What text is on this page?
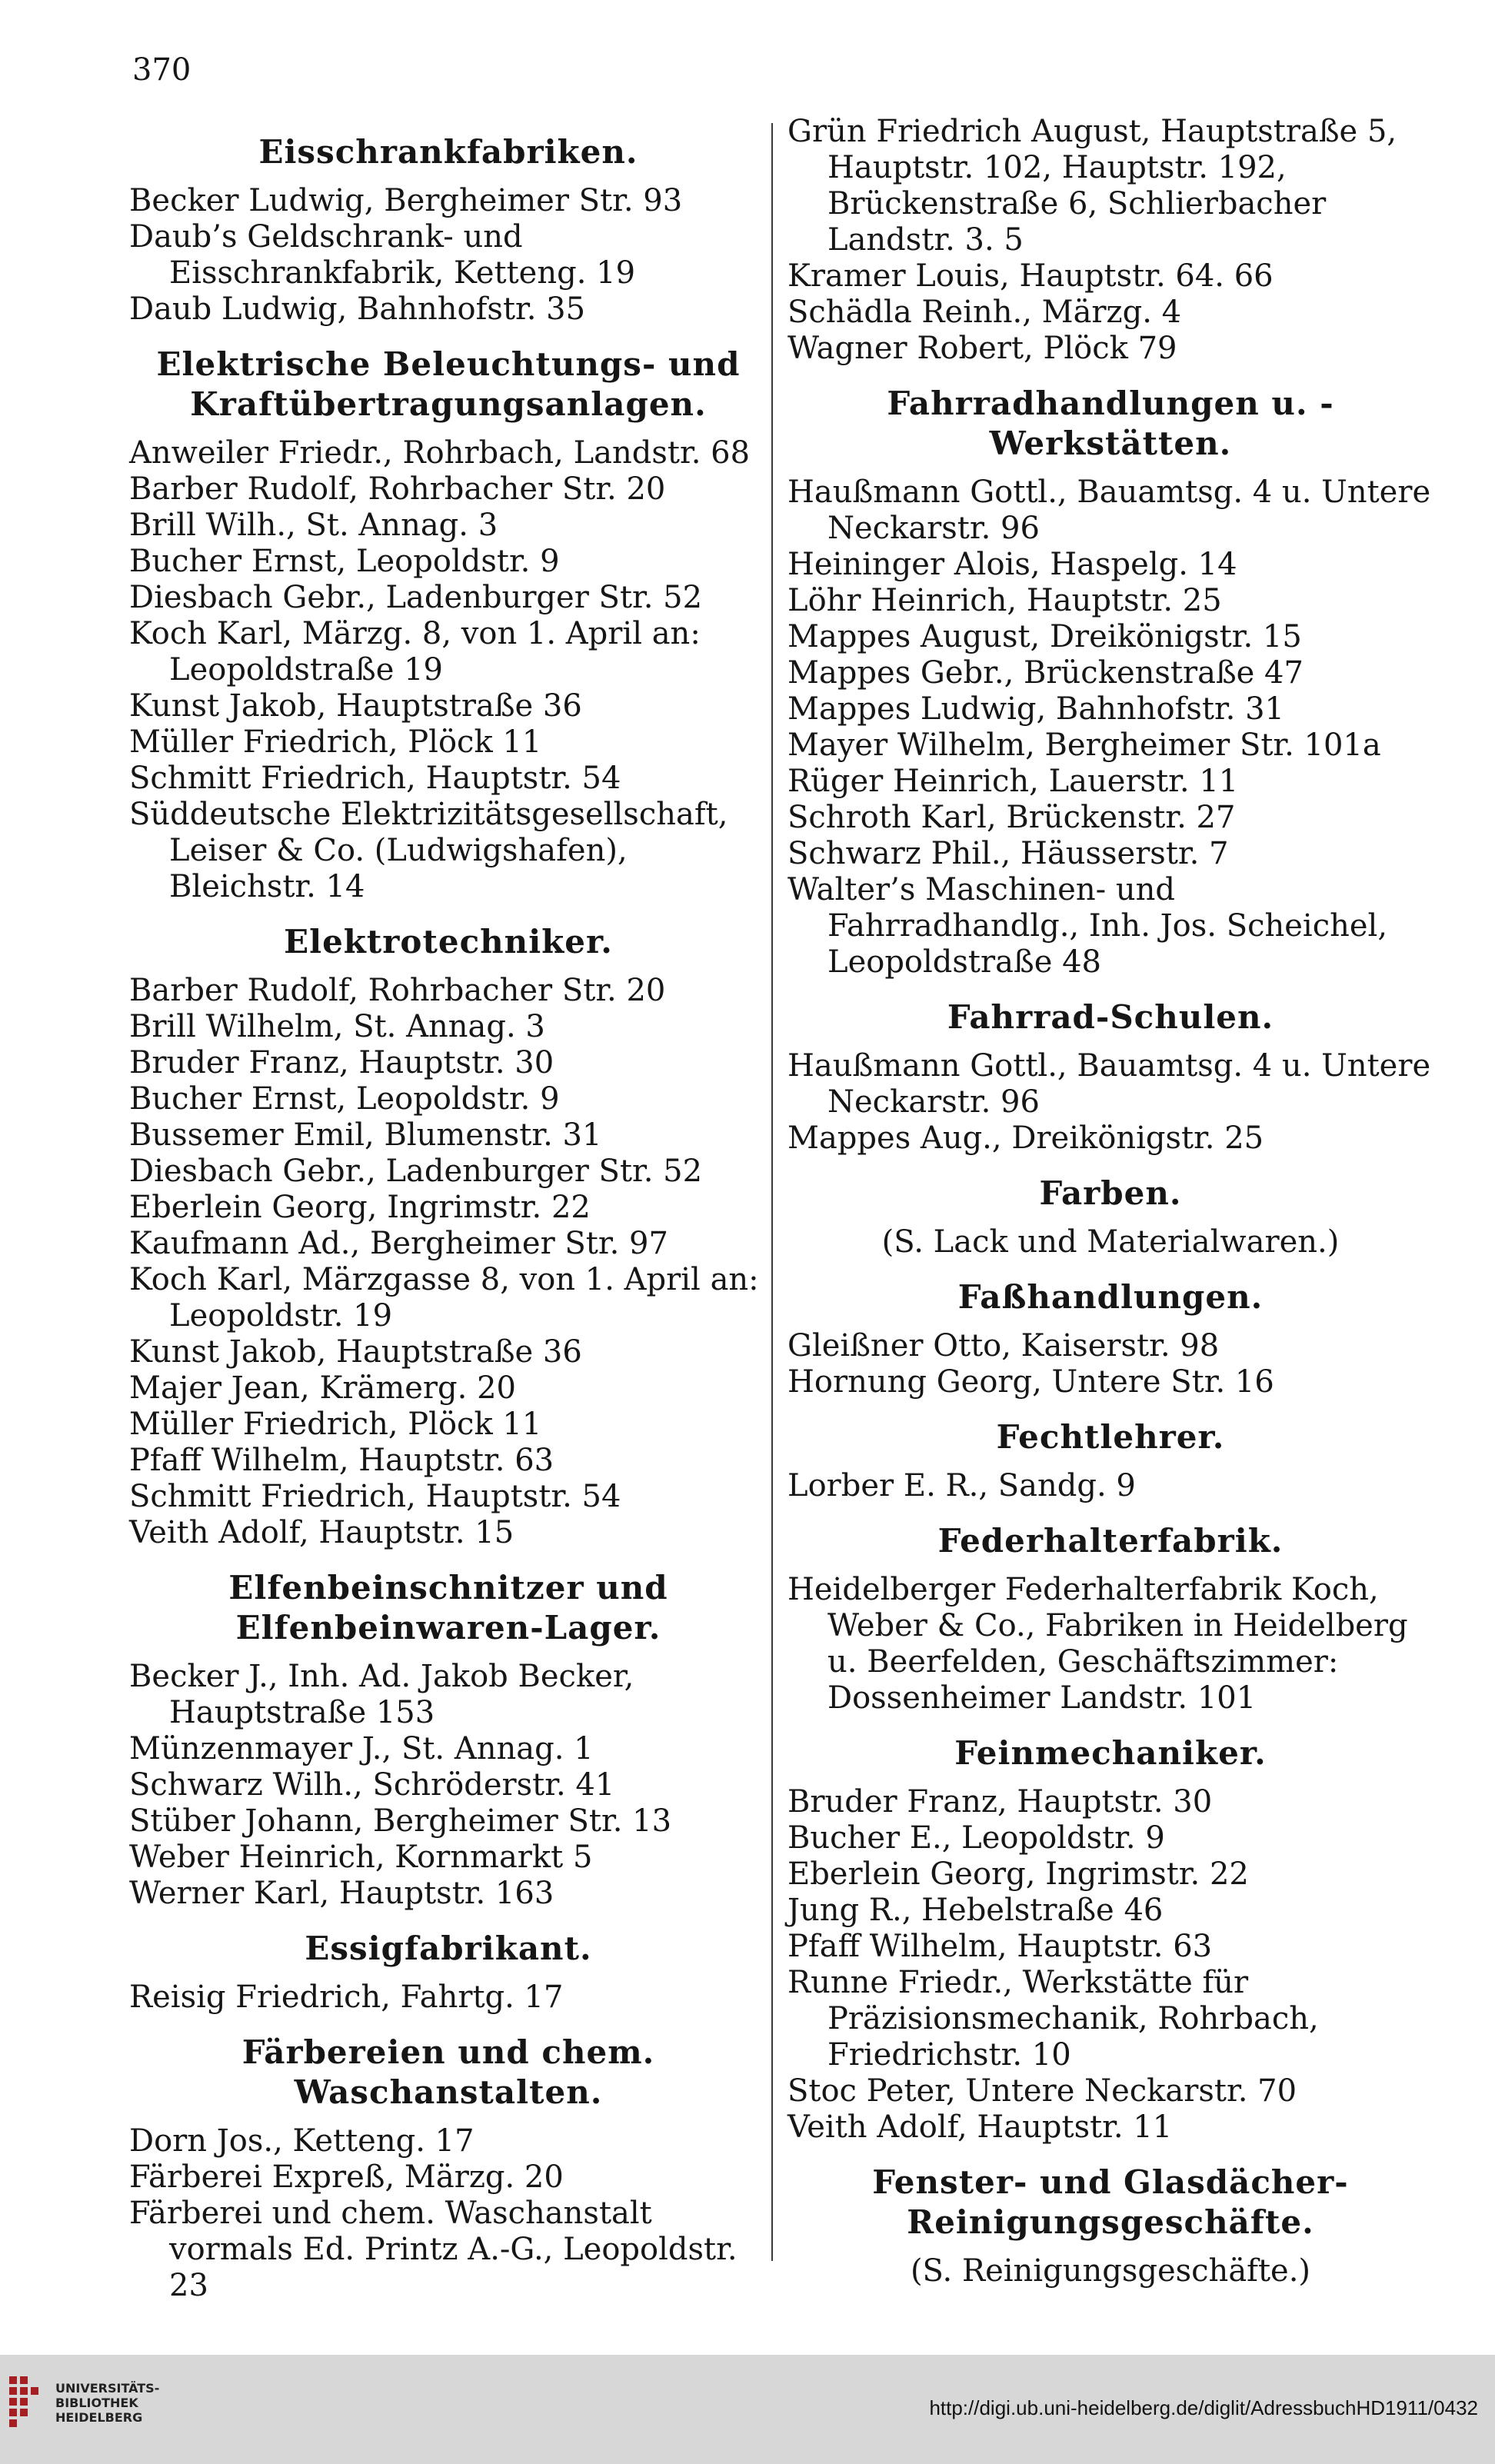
370
Eisschrankfabriken.
Becker Ludwig, Bergheimer Str. 93
Daub’s Geldschrank- und Eisschrankfabrik, Ketteng. 19
Daub Ludwig, Bahnhofstr. 35
Elektrische Beleuchtungs- und Kraftübertragungsanlagen.
Anweiler Friedr., Rohrbach, Landstr. 68
Barber Rudolf, Rohrbacher Str. 20
Brill Wilh., St. Annag. 3
Bucher Ernst, Leopoldstr. 9
Diesbach Gebr., Ladenburger Str. 52
Koch Karl, Märzg. 8, von 1. April an: Leopoldstraße 19
Kunst Jakob, Hauptstraße 36
Müller Friedrich, Plöck 11
Schmitt Friedrich, Hauptstr. 54
Süddeutsche Elektrizitätsgesellschaft, Leiser & Co. (Ludwigshafen), Bleichstr. 14
Elektrotechniker.
Barber Rudolf, Rohrbacher Str. 20
Brill Wilhelm, St. Annag. 3
Bruder Franz, Hauptstr. 30
Bucher Ernst, Leopoldstr. 9
Bussemer Emil, Blumenstr. 31
Diesbach Gebr., Ladenburger Str. 52
Eberlein Georg, Ingrimstr. 22
Kaufmann Ad., Bergheimer Str. 97
Koch Karl, Märzgasse 8, von 1. April an: Leopoldstr. 19
Kunst Jakob, Hauptstraße 36
Majer Jean, Krämerg. 20
Müller Friedrich, Plöck 11
Pfaff Wilhelm, Hauptstr. 63
Schmitt Friedrich, Hauptstr. 54
Veith Adolf, Hauptstr. 15
Elfenbeinschnitzer und Elfenbeinwaren-Lager.
Becker J., Inh. Ad. Jakob Becker, Hauptstraße 153
Münzenmayer J., St. Annag. 1
Schwarz Wilh., Schröderstr. 41
Stüber Johann, Bergheimer Str. 13
Weber Heinrich, Kornmarkt 5
Werner Karl, Hauptstr. 163
Essigfabrikant.
Reisig Friedrich, Fahrtg. 17
Färbereien und chem. Waschanstalten.
Dorn Jos., Ketteng. 17
Färberei Expreß, Märzg. 20
Färberei und chem. Waschanstalt vormals Ed. Printz A.-G., Leopoldstr. 23
Grün Friedrich August, Hauptstraße 5, Hauptstr. 102, Hauptstr. 192, Brückenstraße 6, Schlierbacher Landstr. 3. 5
Kramer Louis, Hauptstr. 64. 66
Schädla Reinh., Märzg. 4
Wagner Robert, Plöck 79
Fahrradhandlungen u. -Werkstätten.
Haußmann Gottl., Bauamtsg. 4 u. Untere Neckarstr. 96
Heininger Alois, Haspelg. 14
Löhr Heinrich, Hauptstr. 25
Mappes August, Dreikönigstr. 15
Mappes Gebr., Brückenstraße 47
Mappes Ludwig, Bahnhofstr. 31
Mayer Wilhelm, Bergheimer Str. 101a
Rüger Heinrich, Lauerstr. 11
Schroth Karl, Brückenstr. 27
Schwarz Phil., Häusserstr. 7
Walter’s Maschinen- und Fahrradhandlg., Inh. Jos. Scheichel, Leopoldstraße 48
Fahrrad-Schulen.
Haußmann Gottl., Bauamtsg. 4 u. Untere Neckarstr. 96
Mappes Aug., Dreikönigstr. 25
Farben.
(S. Lack und Materialwaren.)
Faßhandlungen.
Gleißner Otto, Kaiserstr. 98
Hornung Georg, Untere Str. 16
Fechtlehrer.
Lorber E. R., Sandg. 9
Federhalterfabrik.
Heidelberger Federhalterfabrik Koch, Weber & Co., Fabriken in Heidelberg u. Beerfelden, Geschäftszimmer: Dossenheimer Landstr. 101
Feinmechaniker.
Bruder Franz, Hauptstr. 30
Bucher E., Leopoldstr. 9
Eberlein Georg, Ingrimstr. 22
Jung R., Hebelstraße 46
Pfaff Wilhelm, Hauptstr. 63
Runne Friedr., Werkstätte für Präzisionsmechanik, Rohrbach, Friedrichstr. 10
Stoc Peter, Untere Neckarstr. 70
Veith Adolf, Hauptstr. 11
Fenster- und Glasdächer-Reinigungsgeschäfte.
(S. Reinigungsgeschäfte.)
UNIVERSITÄTS-
BIBLIOTHEK
HEIDELBERG	http://digi.ub.uni-heidelberg.de/diglit/AdressbuchHD1911/0432
